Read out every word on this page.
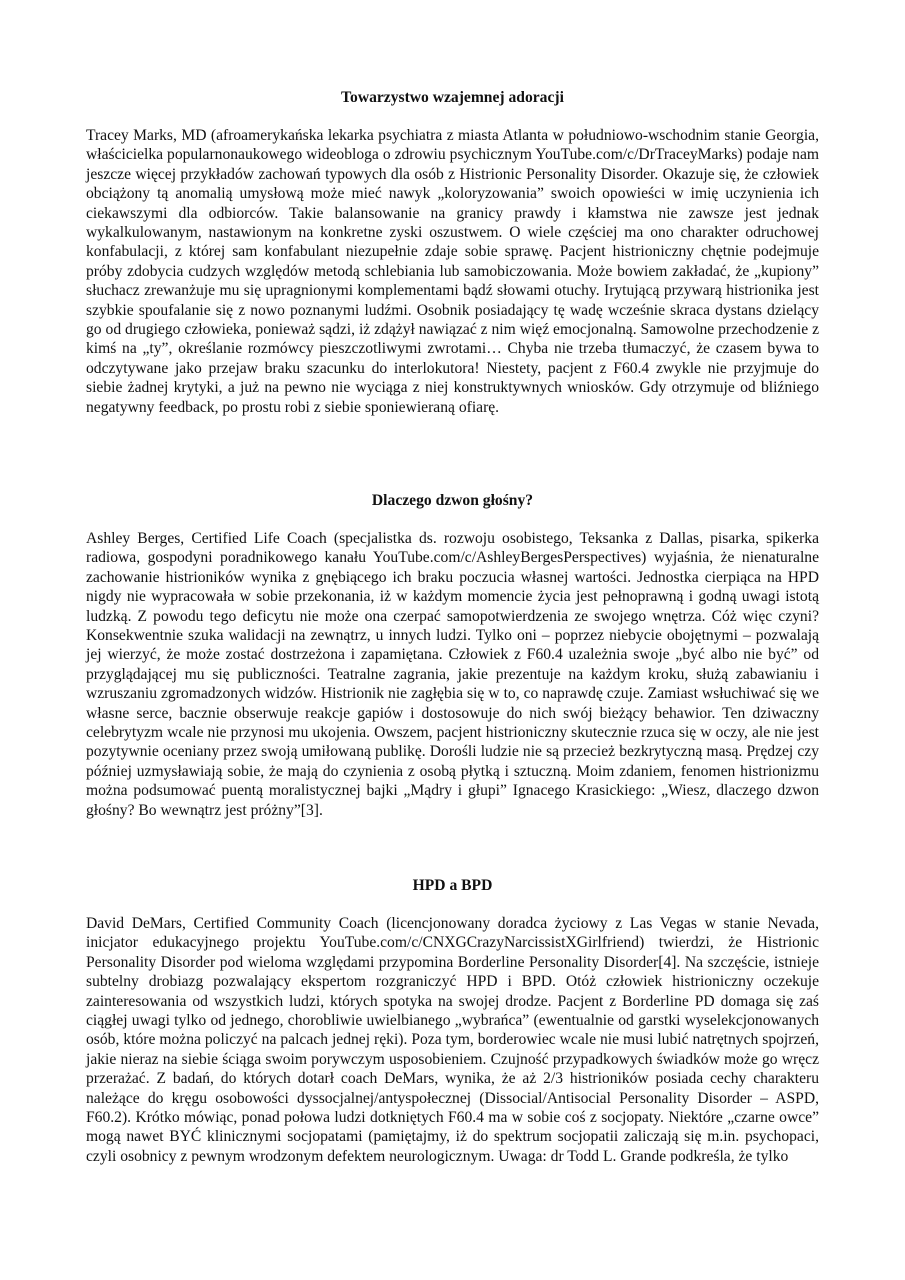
Towarzystwo wzajemnej adoracji

Tracey Marks, MD (afroamerykańska lekarka psychiatra z miasta Atlanta w południowo-wschodnim stanie Georgia, właścicielka popularnonaukowego wideobloga o zdrowiu psychicznym YouTube.com/c/DrTraceyMarks) podaje nam jeszcze więcej przykładów zachowań typowych dla osób z Histrionic Personality Disorder. Okazuje się, że człowiek obciążony tą anomalią umysłową może mieć nawyk „koloryzowania” swoich opowieści w imię uczynienia ich ciekawszymi dla odbiorców. Takie balansowanie na granicy prawdy i kłamstwa nie zawsze jest jednak wykalkulowanym, nastawionym na konkretne zyski oszustwem. O wiele częściej ma ono charakter odruchowej konfabulacji, z której sam konfabulant niezupełnie zdaje sobie sprawę. Pacjent histrioniczny chętnie podejmuje próby zdobycia cudzych względów metodą schlebiania lub samobiczowania. Może bowiem zakładać, że „kupiony” słuchacz zrewanżuje mu się upragnionymi komplementami bądź słowami otuchy. Irytującą przywarą histrionika jest szybkie spoufalanie się z nowo poznanymi ludźmi. Osobnik posiadający tę wadę wcześnie skraca dystans dzielący go od drugiego człowieka, ponieważ sądzi, iż zdążył nawiązać z nim więź emocjonalną. Samowolne przechodzenie z kimś na „ty”, określanie rozmówcy pieszczotliwymi zwrotami… Chyba nie trzeba tłumaczyć, że czasem bywa to odczytywane jako przejaw braku szacunku do interlokutora! Niestety, pacjent z F60.4 zwykle nie przyjmuje do siebie żadnej krytyki, a już na pewno nie wyciąga z niej konstruktywnych wniosków. Gdy otrzymuje od bliźniego negatywny feedback, po prostu robi z siebie sponiewieraną ofiarę.

Dlaczego dzwon głośny?

Ashley Berges, Certified Life Coach (specjalistka ds. rozwoju osobistego, Teksanka z Dallas, pisarka, spikerka radiowa, gospodyni poradnikowego kanału YouTube.com/c/AshleyBergesPerspectives) wyjaśnia, że nienaturalne zachowanie histrioników wynika z gnębiącego ich braku poczucia własnej wartości. Jednostka cierpiąca na HPD nigdy nie wypracowała w sobie przekonania, iż w każdym momencie życia jest pełnoprawną i godną uwagi istotą ludzką. Z powodu tego deficytu nie może ona czerpać samopotwierdzenia ze swojego wnętrza. Cóż więc czyni? Konsekwentnie szuka walidacji na zewnątrz, u innych ludzi. Tylko oni – poprzez niebycie obojętnymi – pozwalają jej wierzyć, że może zostać dostrzeżona i zapamiętana. Człowiek z F60.4 uzależnia swoje „być albo nie być” od przyglądającej mu się publiczności. Teatralne zagrania, jakie prezentuje na każdym kroku, służą zabawianiu i wzruszaniu zgromadzonych widzów. Histrionik nie zagłębia się w to, co naprawdę czuje. Zamiast wsłuchiwać się we własne serce, bacznie obserwuje reakcje gapiów i dostosowuje do nich swój bieżący behawior. Ten dziwaczny celebrytyzm wcale nie przynosi mu ukojenia. Owszem, pacjent histrioniczny skutecznie rzuca się w oczy, ale nie jest pozytywnie oceniany przez swoją umiłowaną publikę. Dorośli ludzie nie są przecież bezkrytyczną masą. Prędzej czy później uzmysławiają sobie, że mają do czynienia z osobą płytką i sztuczną. Moim zdaniem, fenomen histrionizmu można podsumować puentą moralistycznej bajki „Mądry i głupi” Ignacego Krasickiego: „Wiesz, dlaczego dzwon głośny? Bo wewnątrz jest próżny”[3].

HPD a BPD

David DeMars, Certified Community Coach (licencjonowany doradca życiowy z Las Vegas w stanie Nevada, inicjator edukacyjnego projektu YouTube.com/c/CNXGCrazyNarcissistXGirlfriend) twierdzi, że Histrionic Personality Disorder pod wieloma względami przypomina Borderline Personality Disorder[4]. Na szczęście, istnieje subtelny drobiazg pozwalający ekspertom rozgraniczyć HPD i BPD. Otóż człowiek histrioniczny oczekuje zainteresowania od wszystkich ludzi, których spotyka na swojej drodze. Pacjent z Borderline PD domaga się zaś ciągłej uwagi tylko od jednego, chorobliwie uwielbianego „wybrańca” (ewentualnie od garstki wyselekcjonowanych osób, które można policzyć na palcach jednej ręki). Poza tym, borderowiec wcale nie musi lubić natrętnych spojrzeń, jakie nieraz na siebie ściąga swoim porywczym usposobieniem. Czujność przypadkowych świadków może go wręcz przerażać. Z badań, do których dotarł coach DeMars, wynika, że aż 2/3 histrioników posiada cechy charakteru należące do kręgu osobowości dyssocjalnej/antyspołecznej (Dissocial/Antisocial Personality Disorder – ASPD, F60.2). Krótko mówiąc, ponad połowa ludzi dotkniętych F60.4 ma w sobie coś z socjopaty. Niektóre „czarne owce” mogą nawet BYĆ klinicznymi socjopatami (pamiętajmy, iż do spektrum socjopatii zaliczają się m.in. psychopaci, czyli osobnicy z pewnym wrodzonym defektem neurologicznym. Uwaga: dr Todd L. Grande podkreśla, że tylko
